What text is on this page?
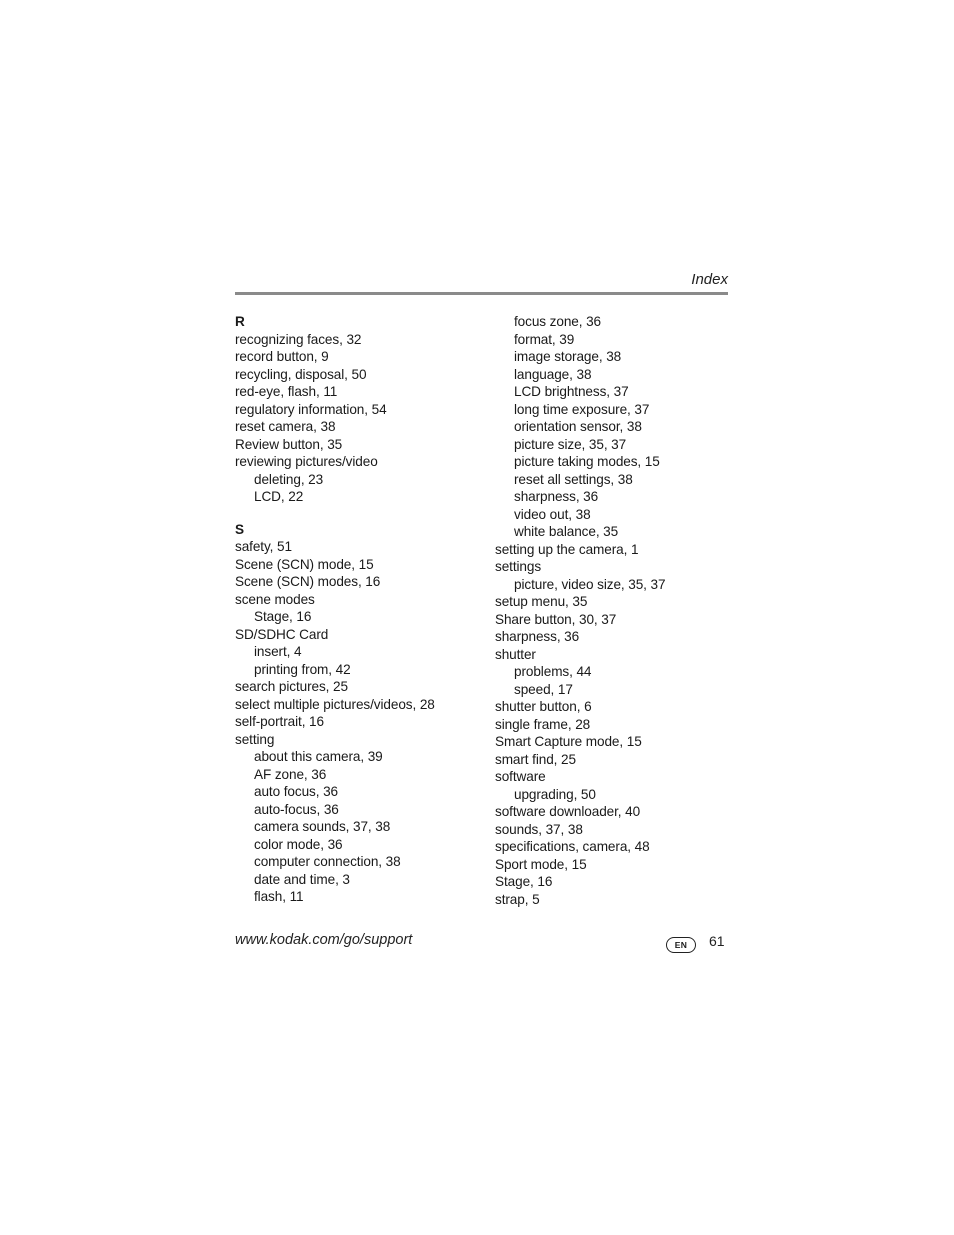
Index
R
recognizing faces, 32
record button, 9
recycling, disposal, 50
red-eye, flash, 11
regulatory information, 54
reset camera, 38
Review button, 35
reviewing pictures/video
deleting, 23
LCD, 22
S
safety, 51
Scene (SCN) mode, 15
Scene (SCN) modes, 16
scene modes
Stage, 16
SD/SDHC Card
insert, 4
printing from, 42
search pictures, 25
select multiple pictures/videos, 28
self-portrait, 16
setting
about this camera, 39
AF zone, 36
auto focus, 36
auto-focus, 36
camera sounds, 37, 38
color mode, 36
computer connection, 38
date and time, 3
flash, 11
focus zone, 36
format, 39
image storage, 38
language, 38
LCD brightness, 37
long time exposure, 37
orientation sensor, 38
picture size, 35, 37
picture taking modes, 15
reset all settings, 38
sharpness, 36
video out, 38
white balance, 35
setting up the camera, 1
settings
picture, video size, 35, 37
setup menu, 35
Share button, 30, 37
sharpness, 36
shutter
problems, 44
speed, 17
shutter button, 6
single frame, 28
Smart Capture mode, 15
smart find, 25
software
upgrading, 50
software downloader, 40
sounds, 37, 38
specifications, camera, 48
Sport mode, 15
Stage, 16
strap, 5
www.kodak.com/go/support	EN	61
